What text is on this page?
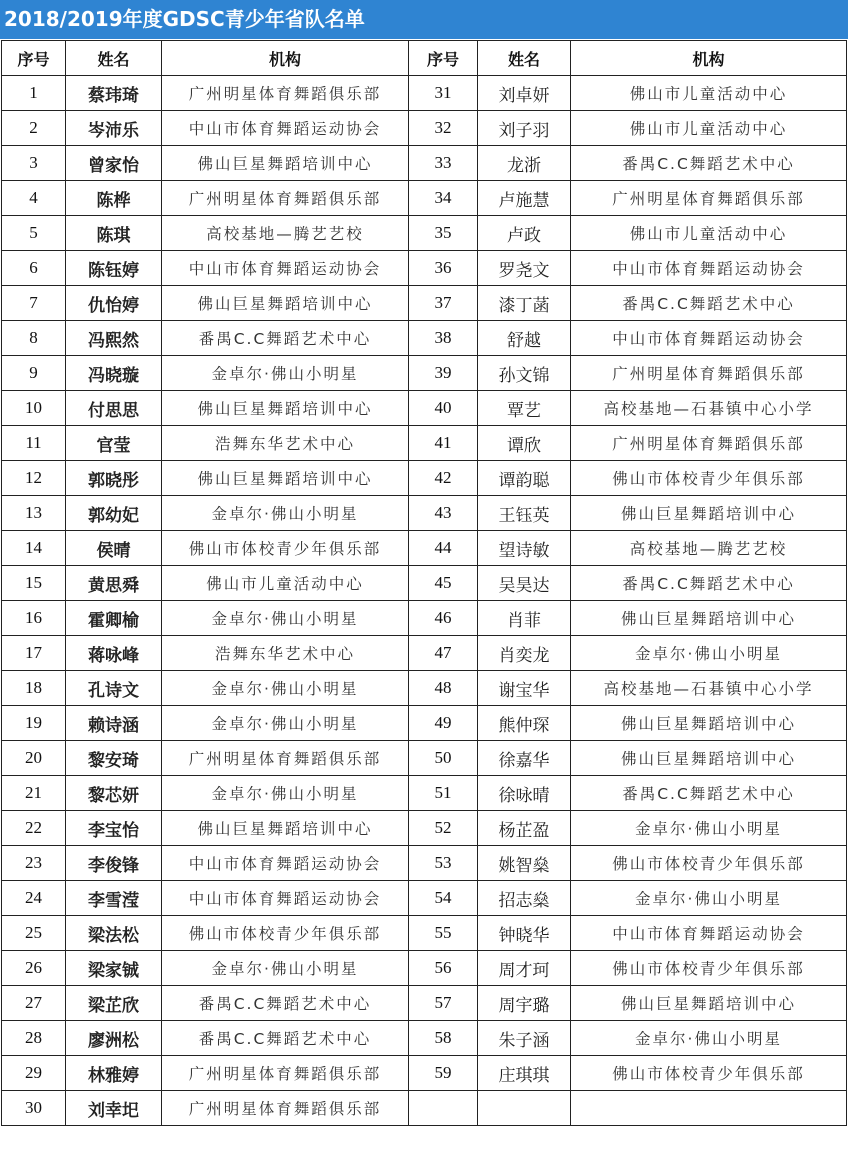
2018/2019年度GDSC青少年省队名单
序号	姓名	机构	序号	姓名	机构
1	蔡玮琦	广州明星体育舞蹈俱乐部	31	刘卓妍	佛山市儿童活动中心
2	岑沛乐	中山市体育舞蹈运动协会	32	刘子羽	佛山市儿童活动中心
3	曾家怡	佛山巨星舞蹈培训中心	33	龙浙	番禺C.C舞蹈艺术中心
4	陈桦	广州明星体育舞蹈俱乐部	34	卢施慧	广州明星体育舞蹈俱乐部
5	陈琪	高校基地—腾艺艺校	35	卢政	佛山市儿童活动中心
6	陈钰婷	中山市体育舞蹈运动协会	36	罗尧文	中山市体育舞蹈运动协会
7	仇怡婷	佛山巨星舞蹈培训中心	37	漆丁菡	番禺C.C舞蹈艺术中心
8	冯熙然	番禺C.C舞蹈艺术中心	38	舒越	中山市体育舞蹈运动协会
9	冯晓璇	金卓尔·佛山小明星	39	孙文锦	广州明星体育舞蹈俱乐部
10	付思思	佛山巨星舞蹈培训中心	40	覃艺	高校基地—石碁镇中心小学
11	官莹	浩舞东华艺术中心	41	谭欣	广州明星体育舞蹈俱乐部
12	郭晓彤	佛山巨星舞蹈培训中心	42	谭韵聪	佛山市体校青少年俱乐部
13	郭幼妃	金卓尔·佛山小明星	43	王钰英	佛山巨星舞蹈培训中心
14	侯晴	佛山市体校青少年俱乐部	44	望诗敏	高校基地—腾艺艺校
15	黄思舜	佛山市儿童活动中心	45	吴昊达	番禺C.C舞蹈艺术中心
16	霍卿榆	金卓尔·佛山小明星	46	肖菲	佛山巨星舞蹈培训中心
17	蒋咏峰	浩舞东华艺术中心	47	肖奕龙	金卓尔·佛山小明星
18	孔诗文	金卓尔·佛山小明星	48	谢宝华	高校基地—石碁镇中心小学
19	赖诗涵	金卓尔·佛山小明星	49	熊仲琛	佛山巨星舞蹈培训中心
20	黎安琦	广州明星体育舞蹈俱乐部	50	徐嘉华	佛山巨星舞蹈培训中心
21	黎芯妍	金卓尔·佛山小明星	51	徐咏晴	番禺C.C舞蹈艺术中心
22	李宝怡	佛山巨星舞蹈培训中心	52	杨芷盈	金卓尔·佛山小明星
23	李俊锋	中山市体育舞蹈运动协会	53	姚智燊	佛山市体校青少年俱乐部
24	李雪滢	中山市体育舞蹈运动协会	54	招志燊	金卓尔·佛山小明星
25	梁法松	佛山市体校青少年俱乐部	55	钟晓华	中山市体育舞蹈运动协会
26	梁家铖	金卓尔·佛山小明星	56	周才珂	佛山市体校青少年俱乐部
27	梁芷欣	番禺C.C舞蹈艺术中心	57	周宇璐	佛山巨星舞蹈培训中心
28	廖洲松	番禺C.C舞蹈艺术中心	58	朱子涵	金卓尔·佛山小明星
29	林雅婷	广州明星体育舞蹈俱乐部	59	庄琪琪	佛山市体校青少年俱乐部
30	刘幸圯	广州明星体育舞蹈俱乐部			
